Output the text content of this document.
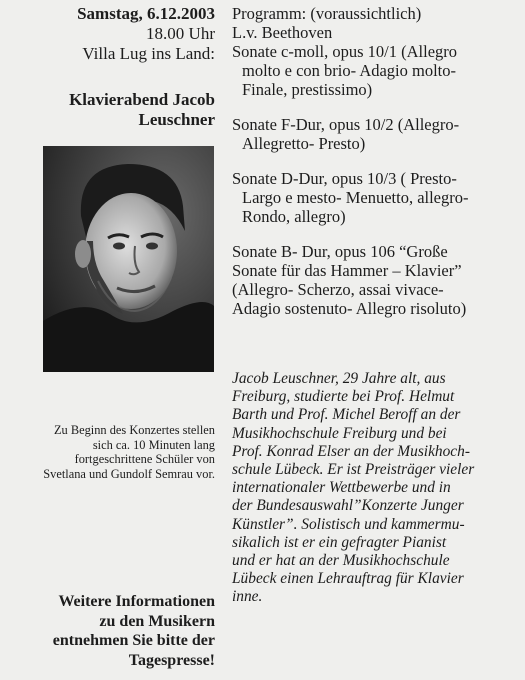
Samstag, 6.12.2003

18.00 Uhr

Villa Lug ins Land:

Klavierabend Jacob
Leuschner

Zu Beginn des Konzertes stellen
sich ca. 10 Minuten lang
fortgeschrittene Schüler von
Svetlana und Gundolf Semrau vor.
Weitere Informationen
zu den Musikern
entnehmen Sie bitte der
Tagespresse!

Programm: (voraussichtlich)

L.v. Beethoven

Sonate c-moll, opus 10/1 (Allegro

molto e con brio- Adagio molto-

Finale, prestissimo)

Sonate F-Dur, opus 10/2 (Allegro-

Allegretto- Presto)

Sonate D-Dur, opus 10/3 ( Presto-

Largo e mesto- Menuetto, allegro-

Rondo, allegro)

Sonate B- Dur, opus 106 “Große

Sonate für das Hammer – Klavier”

(Allegro- Scherzo, assai vivace-

Adagio sostenuto- Allegro risoluto)

Jacob Leuschner, 29 Jahre alt, aus
Freiburg, studierte bei Prof. Helmut
Barth und Prof. Michel Beroff an der
Musikhochschule Freiburg und bei
Prof. Konrad Elser an der Musikhoch-
schule Lübeck. Er ist Preisträger vieler
internationaler Wettbewerbe und in
der Bundesauswahl”Konzerte Junger
Künstler”. Solistisch und kammermu-
sikalich ist er ein gefragter Pianist
und er hat an der Musikhochschule
Lübeck einen Lehrauftrag für Klavier
inne.
